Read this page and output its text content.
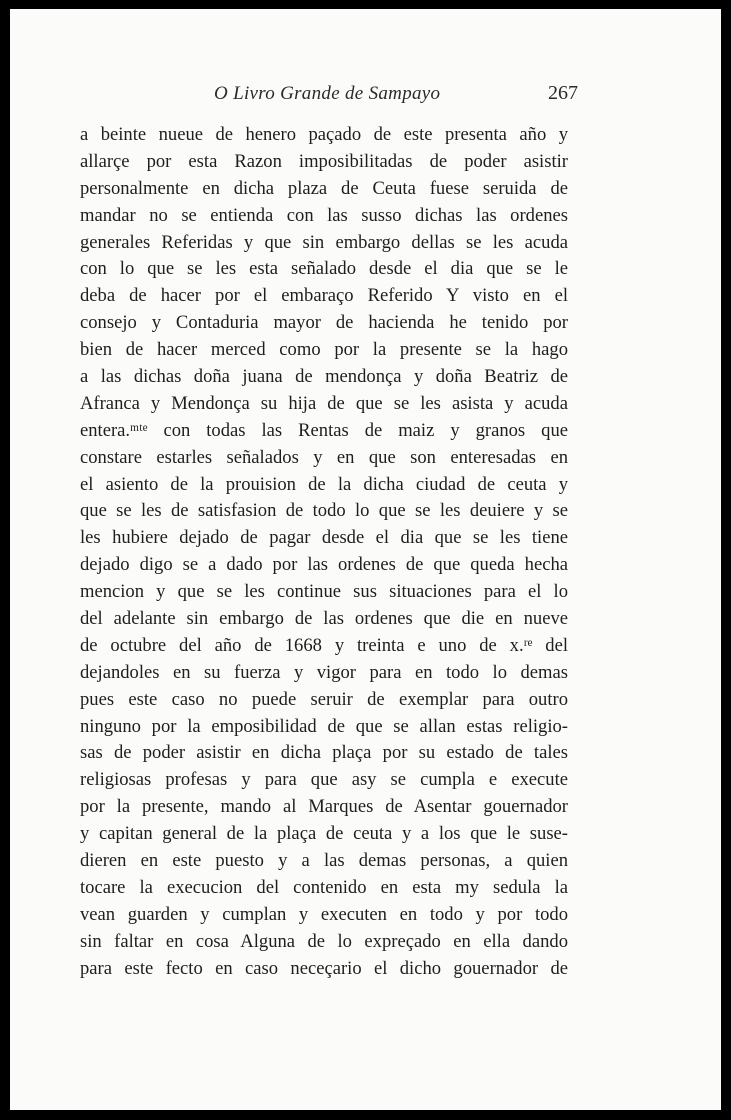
O Livro Grande de Sampayo	267
a beinte nueue de henero paçado de este presenta año y
allarçe por esta Razon imposibilitadas de poder asistir
personalmente en dicha plaza de Ceuta fuese seruida de
mandar no se entienda con las susso dichas las ordenes
generales Referidas y que sin embargo dellas se les acuda
con lo que se les esta señalado desde el dia que se le
deba de hacer por el embaraço Referido Y visto en el
consejo y Contaduria mayor de hacienda he tenido por
bien de hacer merced como por la presente se la hago
a las dichas doña juana de mendonça y doña Beatriz de
Afranca y Mendonça su hija de que se les asista y acuda
entera.ᵐᵗᵉ con todas las Rentas de maiz y granos que
constare estarles señalados y en que son enteresadas en
el asiento de la prouision de la dicha ciudad de ceuta y
que se les de satisfasion de todo lo que se les deuiere y se
les hubiere dejado de pagar desde el dia que se les tiene
dejado digo se a dado por las ordenes de que queda hecha
mencion y que se les continue sus situaciones para el lo
del adelante sin embargo de las ordenes que die en nueve
de octubre del año de 1668 y treinta e uno de x.ʳᵉ del
dejandoles en su fuerza y vigor para en todo lo demas
pues este caso no puede seruir de exemplar para outro
ninguno por la emposibilidad de que se allan estas religio-
sas de poder asistir en dicha plaça por su estado de tales
religiosas profesas y para que asy se cumpla e execute
por la presente, mando al Marques de Asentar gouernador
y capitan general de la plaça de ceuta y a los que le suse-
dieren en este puesto y a las demas personas, a quien
tocare la execucion del contenido en esta my sedula la
vean guarden y cumplan y executen en todo y por todo
sin faltar en cosa Alguna de lo expreçado en ella dando
para este fecto en caso neceçario el dicho gouernador de
